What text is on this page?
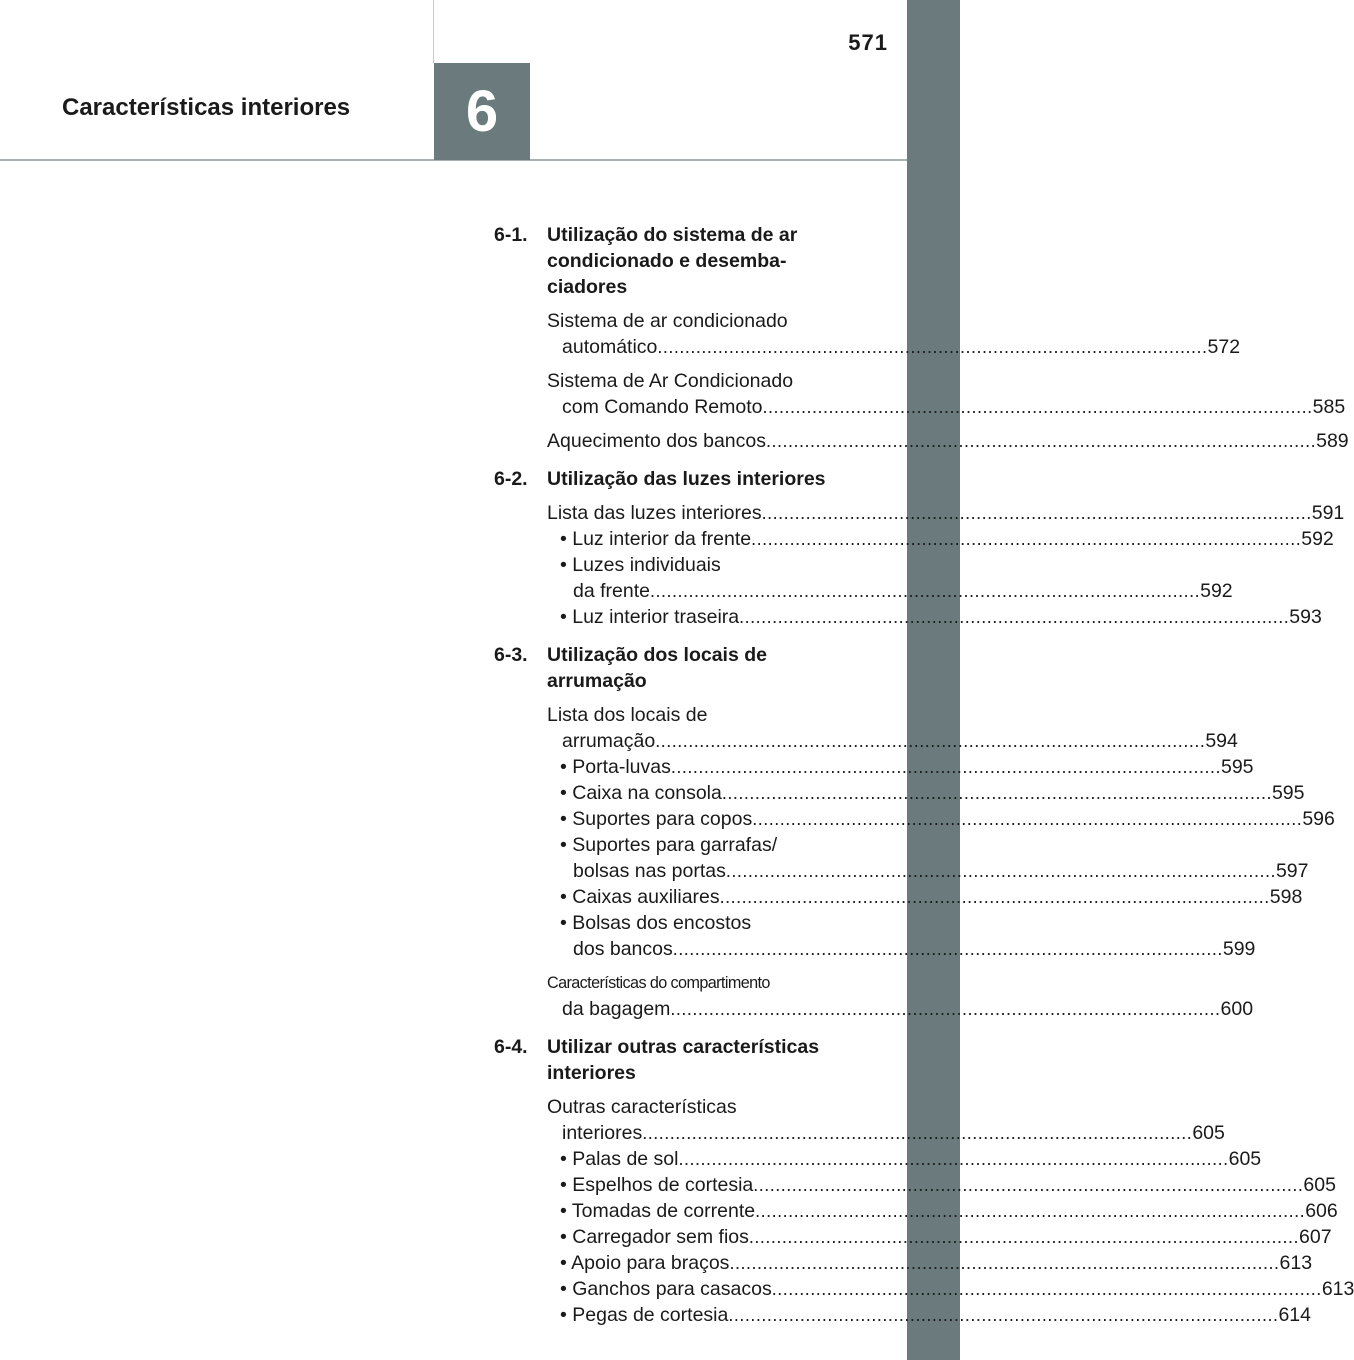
571
Características interiores 6
6-1. Utilização do sistema de ar
condicionado e desemba-
ciadores
Sistema de ar condicionado
automático .....	572
Sistema de Ar Condicionado
com Comando Remoto .....	585
Aquecimento dos bancos .....	589
6-2. Utilização das luzes interiores
Lista das luzes interiores .....	591
• Luz interior da frente .....	592
• Luzes individuais
da frente .....	592
• Luz interior traseira .....	593
6-3. Utilização dos locais de
arrumação
Lista dos locais de
arrumação .....	594
• Porta-luvas .....	595
• Caixa na consola .....	595
• Suportes para copos .....	596
• Suportes para garrafas/
bolsas nas portas .....	597
• Caixas auxiliares .....	598
• Bolsas dos encostos
dos bancos .....	599
Características do compartimento
da bagagem .....	600
6-4. Utilizar outras características
interiores
Outras características
interiores .....	605
• Palas de sol .....	605
• Espelhos de cortesia .....	605
• Tomadas de corrente .....	606
• Carregador sem fios .....	607
• Apoio para braços .....	613
• Ganchos para casacos .....	613
• Pegas de cortesia .....	614
